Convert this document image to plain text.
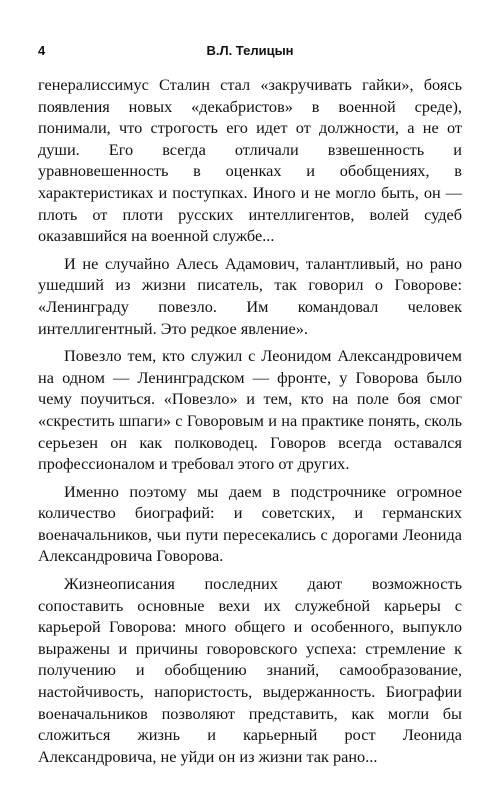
4	В.Л. Телицын

генералиссимус Сталин стал «закручивать гайки», боясь появления новых «декабристов» в военной среде), понимали, что строгость его идет от должности, а не от души. Его всегда отличали взвешенность и уравновешенность в оценках и обобщениях, в характеристиках и поступках. Иного и не могло быть, он — плоть от плоти русских интеллигентов, волей судеб оказавшийся на военной службе...

И не случайно Алесь Адамович, талантливый, но рано ушедший из жизни писатель, так говорил о Говорове: «Ленинграду повезло. Им командовал человек интеллигентный. Это редкое явление».

Повезло тем, кто служил с Леонидом Александровичем на одном — Ленинградском — фронте, у Говорова было чему поучиться. «Повезло» и тем, кто на поле боя смог «скрестить шпаги» с Говоровым и на практике понять, сколь серьезен он как полководец. Говоров всегда оставался профессионалом и требовал этого от других.

Именно поэтому мы даем в подстрочнике огромное количество биографий: и советских, и германских военачальников, чьи пути пересекались с дорогами Леонида Александровича Говорова.

Жизнеописания последних дают возможность сопоставить основные вехи их служебной карьеры с карьерой Говорова: много общего и особенного, выпукло выражены и причины говоровского успеха: стремление к получению и обобщению знаний, самообразование, настойчивость, напористость, выдержанность. Биографии военачальников позволяют представить, как могли бы сложиться жизнь и карьерный рост Леонида Александровича, не уйди он из жизни так рано...
